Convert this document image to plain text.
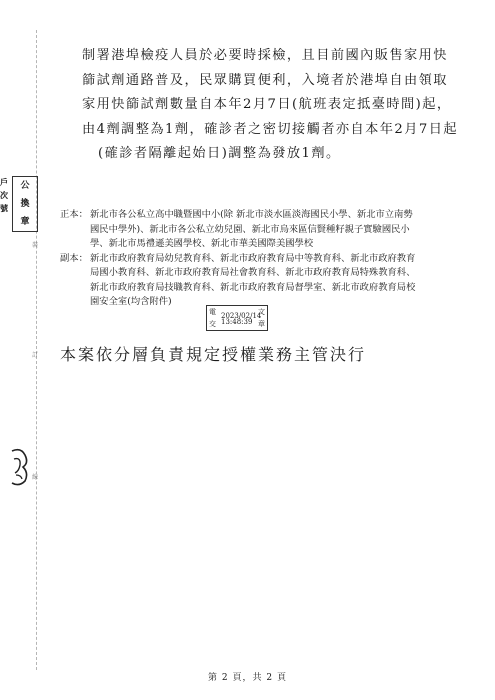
裝
訂
線
戶
次
號
公
換
章
制署港埠檢疫人員於必要時採檢，且目前國內販售家用快
篩試劑通路普及，民眾購買便利，入境者於港埠自由領取
家用快篩試劑數量自本年2月7日(航班表定抵臺時間)起，
由4劑調整為1劑，確診者之密切接觸者亦自本年2月7日起
(確診者隔離起始日)調整為發放1劑。
正本： 新北市各公私立高中職暨國中小(除 新北市淡水區淡海國民小學、新北市立南勢
國民中學外)、新北市各公私立幼兒園、新北市烏來區信賢種籽親子實驗國民小
學、新北市馬禮遜美國學校、新北市華美國際美國學校
副本： 新北市政府教育局幼兒教育科、新北市政府教育局中等教育科、新北市政府教育
局國小教育科、新北市政府教育局社會教育科、新北市政府教育局特殊教育科、
新北市政府教育局技職教育科、新北市政府教育局督學室、新北市政府教育局校
園安全室(均含附件)
電	文
交	章
2023/02/14
13:48:39
本案依分層負責規定授權業務主管決行
第 2 頁，共 2 頁
